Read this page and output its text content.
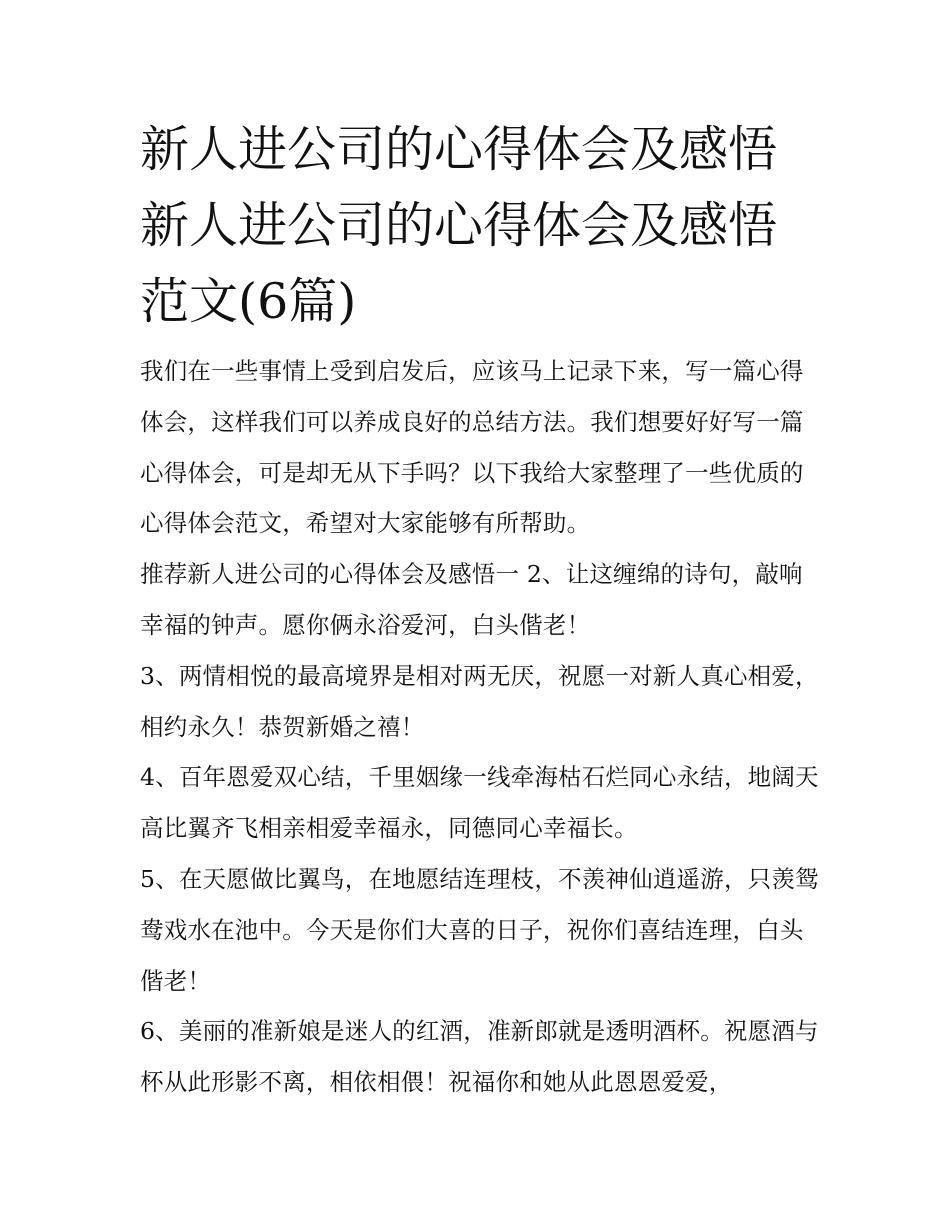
新人进公司的心得体会及感悟新人进公司的心得体会及感悟范文(6篇)

我们在一些事情上受到启发后，应该马上记录下来，写一篇心得体会，这样我们可以养成良好的总结方法。我们想要好好写一篇心得体会，可是却无从下手吗？以下我给大家整理了一些优质的心得体会范文，希望对大家能够有所帮助。

推荐新人进公司的心得体会及感悟一 2、让这缠绵的诗句，敲响幸福的钟声。愿你俩永浴爱河，白头偕老！

3、两情相悦的最高境界是相对两无厌，祝愿一对新人真心相爱，相约永久！恭贺新婚之禧！

4、百年恩爱双心结，千里姻缘一线牵海枯石烂同心永结，地阔天高比翼齐飞相亲相爱幸福永，同德同心幸福长。

5、在天愿做比翼鸟，在地愿结连理枝，不羡神仙逍遥游，只羡鸳鸯戏水在池中。今天是你们大喜的日子，祝你们喜结连理，白头偕老！

6、美丽的准新娘是迷人的红酒，准新郎就是透明酒杯。祝愿酒与杯从此形影不离，相依相偎！祝福你和她从此恩恩爱爱，
